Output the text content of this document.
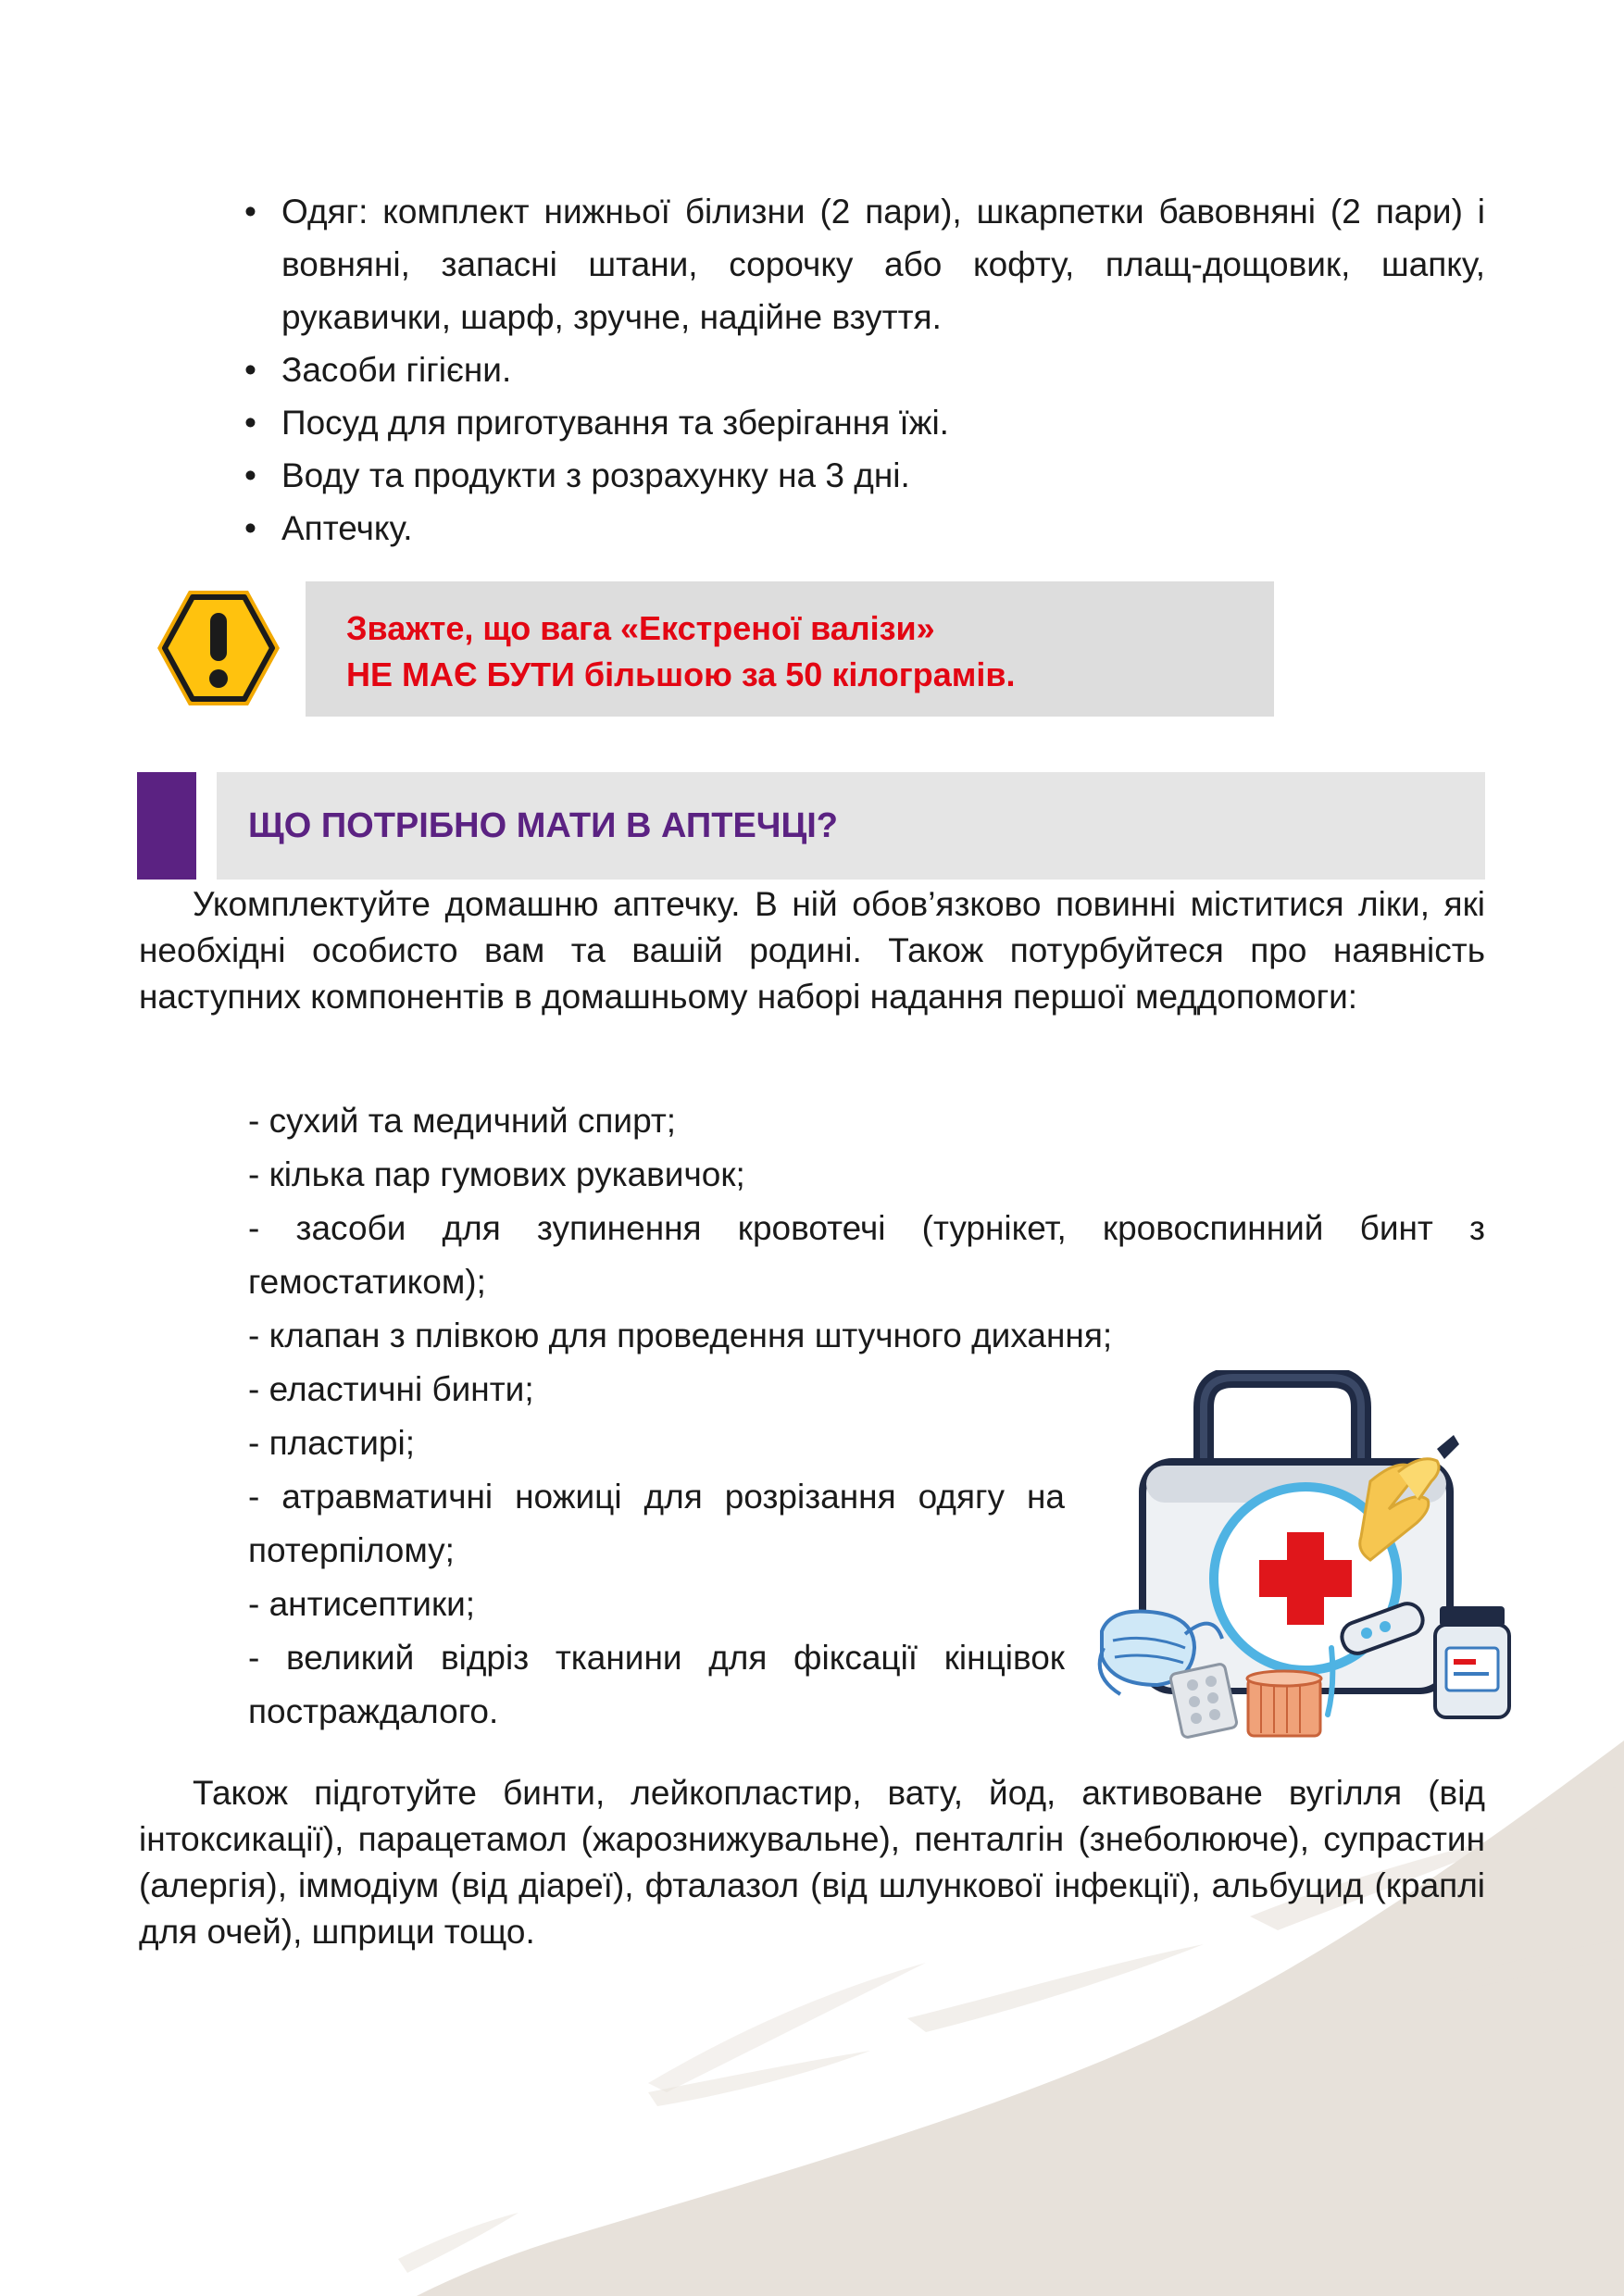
• Одяг: комплект нижньої білизни (2 пари), шкарпетки бавовняні (2 пари) і вовняні, запасні штани, сорочку або кофту, плащ-дощовик, шапку, рукавички, шарф, зручне, надійне взуття.
• Засоби гігієни.
• Посуд для приготування та зберігання їжі.
• Воду та продукти з розрахунку на 3 дні.
• Аптечку.
Зважте, що вага «Екстреної валізи»
НЕ МАЄ БУТИ більшою за 50 кілограмів.
ЩО ПОТРІБНО МАТИ В АПТЕЧЦІ?
Укомплектуйте домашню аптечку. В ній обов’язково повинні міститися ліки, які необхідні особисто вам та вашій родині. Також потурбуйтеся про наявність наступних компонентів в домашньому наборі надання першої меддопомоги:
- сухий та медичний спирт;
- кілька пар гумових рукавичок;
- засоби для зупинення кровотечі (турнікет, кровоспинний бинт з гемостатиком);
- клапан з плівкою для проведення штучного дихання;
- еластичні бинти;
- пластирі;
- атравматичні ножиці для розрізання одягу на потерпілому;
- антисептики;
- великий відріз тканини для фіксації кінцівок постраждалого.
Також підготуйте бинти, лейкопластир, вату, йод, активоване вугілля (від інтоксикації), парацетамол (жарознижувальне), пенталгін (знеболююче), супрастин (алергія), іммодіум (від діареї), фталазол (від шлункової інфекції), альбуцид (краплі для очей), шприци тощо.
